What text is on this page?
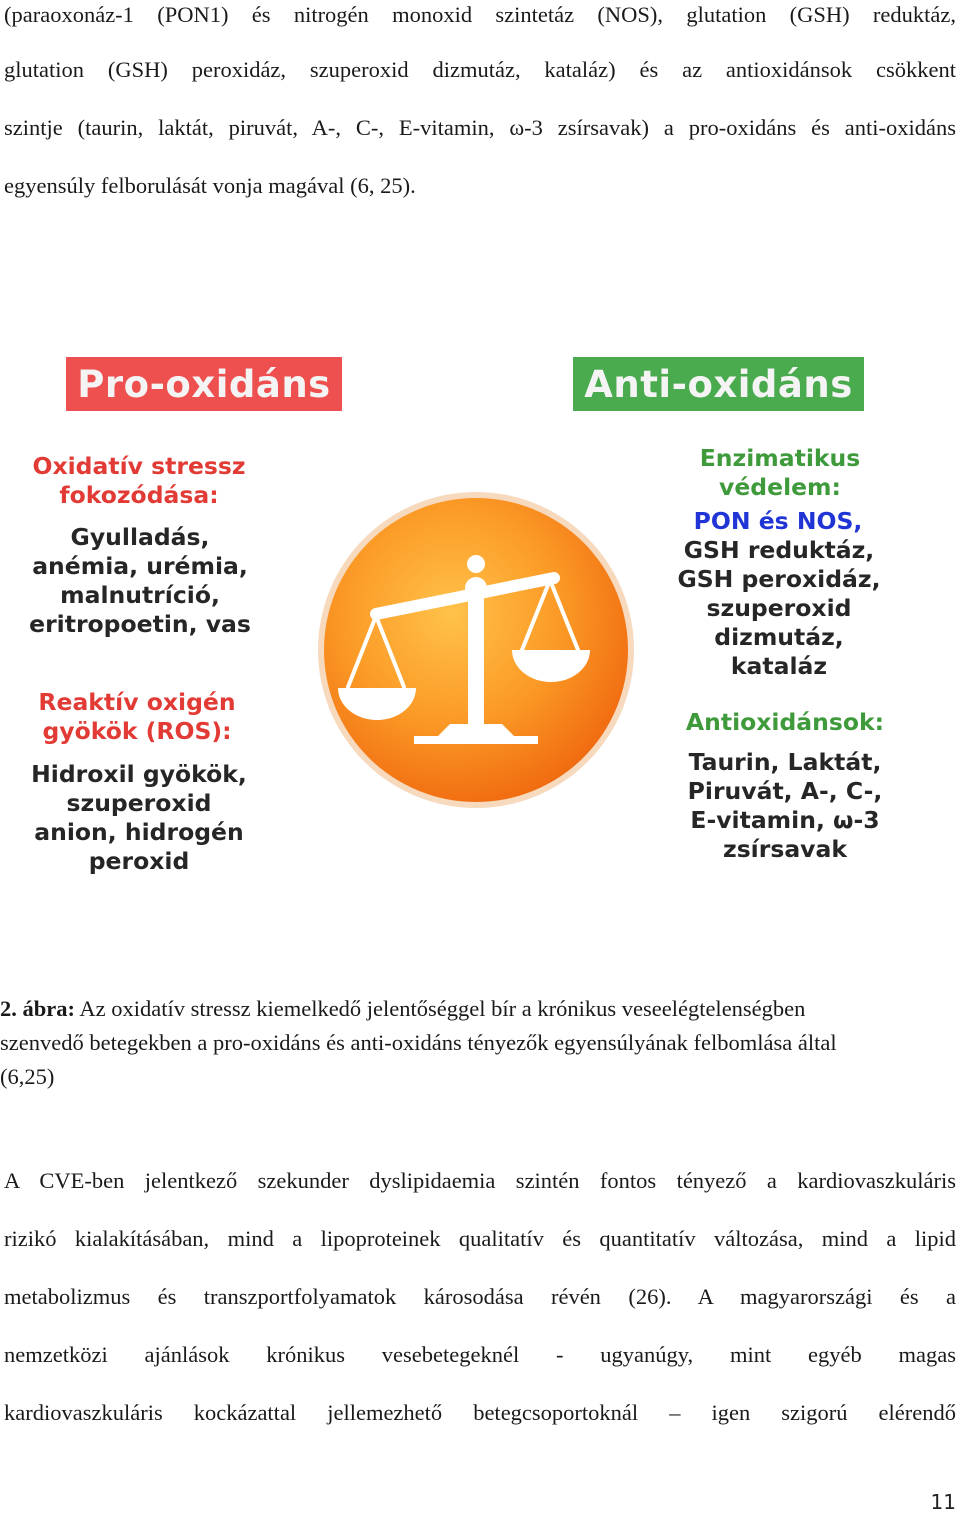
(paraoxonáz-1 (PON1) és nitrogén monoxid szintetáz (NOS), glutation (GSH) reduktáz,
glutation (GSH) peroxidáz, szuperoxid dizmutáz, kataláz) és az antioxidánsok csökkent
szintje (taurin, laktát, piruvát, A-, C-, E-vitamin, ω-3 zsírsavak) a pro-oxidáns és anti-oxidáns
egyensúly felborulását vonja magával (6, 25).
Pro-oxidáns	Anti-oxidáns
Oxidatív stressz
fokozódása:
Gyulladás,
anémia, urémia,
malnutríció,
eritropoetin, vas
Reaktív oxigén
gyökök (ROS):
Hidroxil gyökök,
szuperoxid
anion, hidrogén
peroxid
Enzimatikus
védelem:
PON és NOS,
GSH reduktáz,
GSH peroxidáz,
szuperoxid
dizmutáz,
kataláz
Antioxidánsok:
Taurin, Laktát,
Piruvát, A-, C-,
E-vitamin, ω-3
zsírsavak
2. ábra: Az oxidatív stressz kiemelkedő jelentőséggel bír a krónikus veseelégtelenségben
szenvedő betegekben a pro-oxidáns és anti-oxidáns tényezők egyensúlyának felbomlása által
(6,25)
A CVE-ben jelentkező szekunder dyslipidaemia szintén fontos tényező a kardiovaszkuláris
rizikó kialakításában, mind a lipoproteinek qualitatív és quantitatív változása, mind a lipid
metabolizmus és transzportfolyamatok károsodása révén (26). A magyarországi és a
nemzetközi ajánlások krónikus vesebetegeknél - ugyanúgy, mint egyéb magas
kardiovaszkuláris kockázattal jellemezhető betegcsoportoknál – igen szigorú elérendő
11
